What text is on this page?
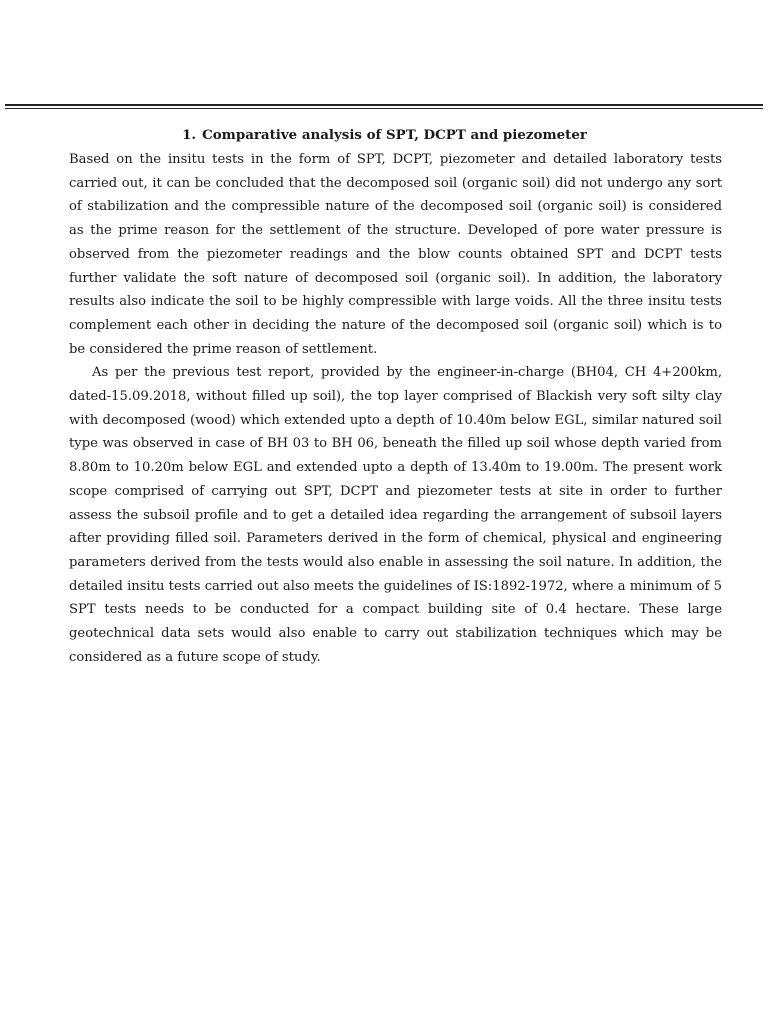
1. Comparative analysis of SPT, DCPT and piezometer

Based on the insitu tests in the form of SPT, DCPT, piezometer and detailed laboratory tests carried out, it can be concluded that the decomposed soil (organic soil) did not undergo any sort of stabilization and the compressible nature of the decomposed soil (organic soil) is considered as the prime reason for the settlement of the structure. Developed of pore water pressure is observed from the piezometer readings and the blow counts obtained SPT and DCPT tests further validate the soft nature of decomposed soil (organic soil). In addition, the laboratory results also indicate the soil to be highly compressible with large voids. All the three insitu tests complement each other in deciding the nature of the decomposed soil (organic soil) which is to be considered the prime reason of settlement.

As per the previous test report, provided by the engineer-in-charge (BH04, CH 4+200km, dated-15.09.2018, without filled up soil), the top layer comprised of Blackish very soft silty clay with decomposed (wood) which extended upto a depth of 10.40m below EGL, similar natured soil type was observed in case of BH 03 to BH 06, beneath the filled up soil whose depth varied from 8.80m to 10.20m below EGL and extended upto a depth of 13.40m to 19.00m. The present work scope comprised of carrying out SPT, DCPT and piezometer tests at site in order to further assess the subsoil profile and to get a detailed idea regarding the arrangement of subsoil layers after providing filled soil. Parameters derived in the form of chemical, physical and engineering parameters derived from the tests would also enable in assessing the soil nature. In addition, the detailed insitu tests carried out also meets the guidelines of IS:1892-1972, where a minimum of 5 SPT tests needs to be conducted for a compact building site of 0.4 hectare. These large geotechnical data sets would also enable to carry out stabilization techniques which may be considered as a future scope of study.
